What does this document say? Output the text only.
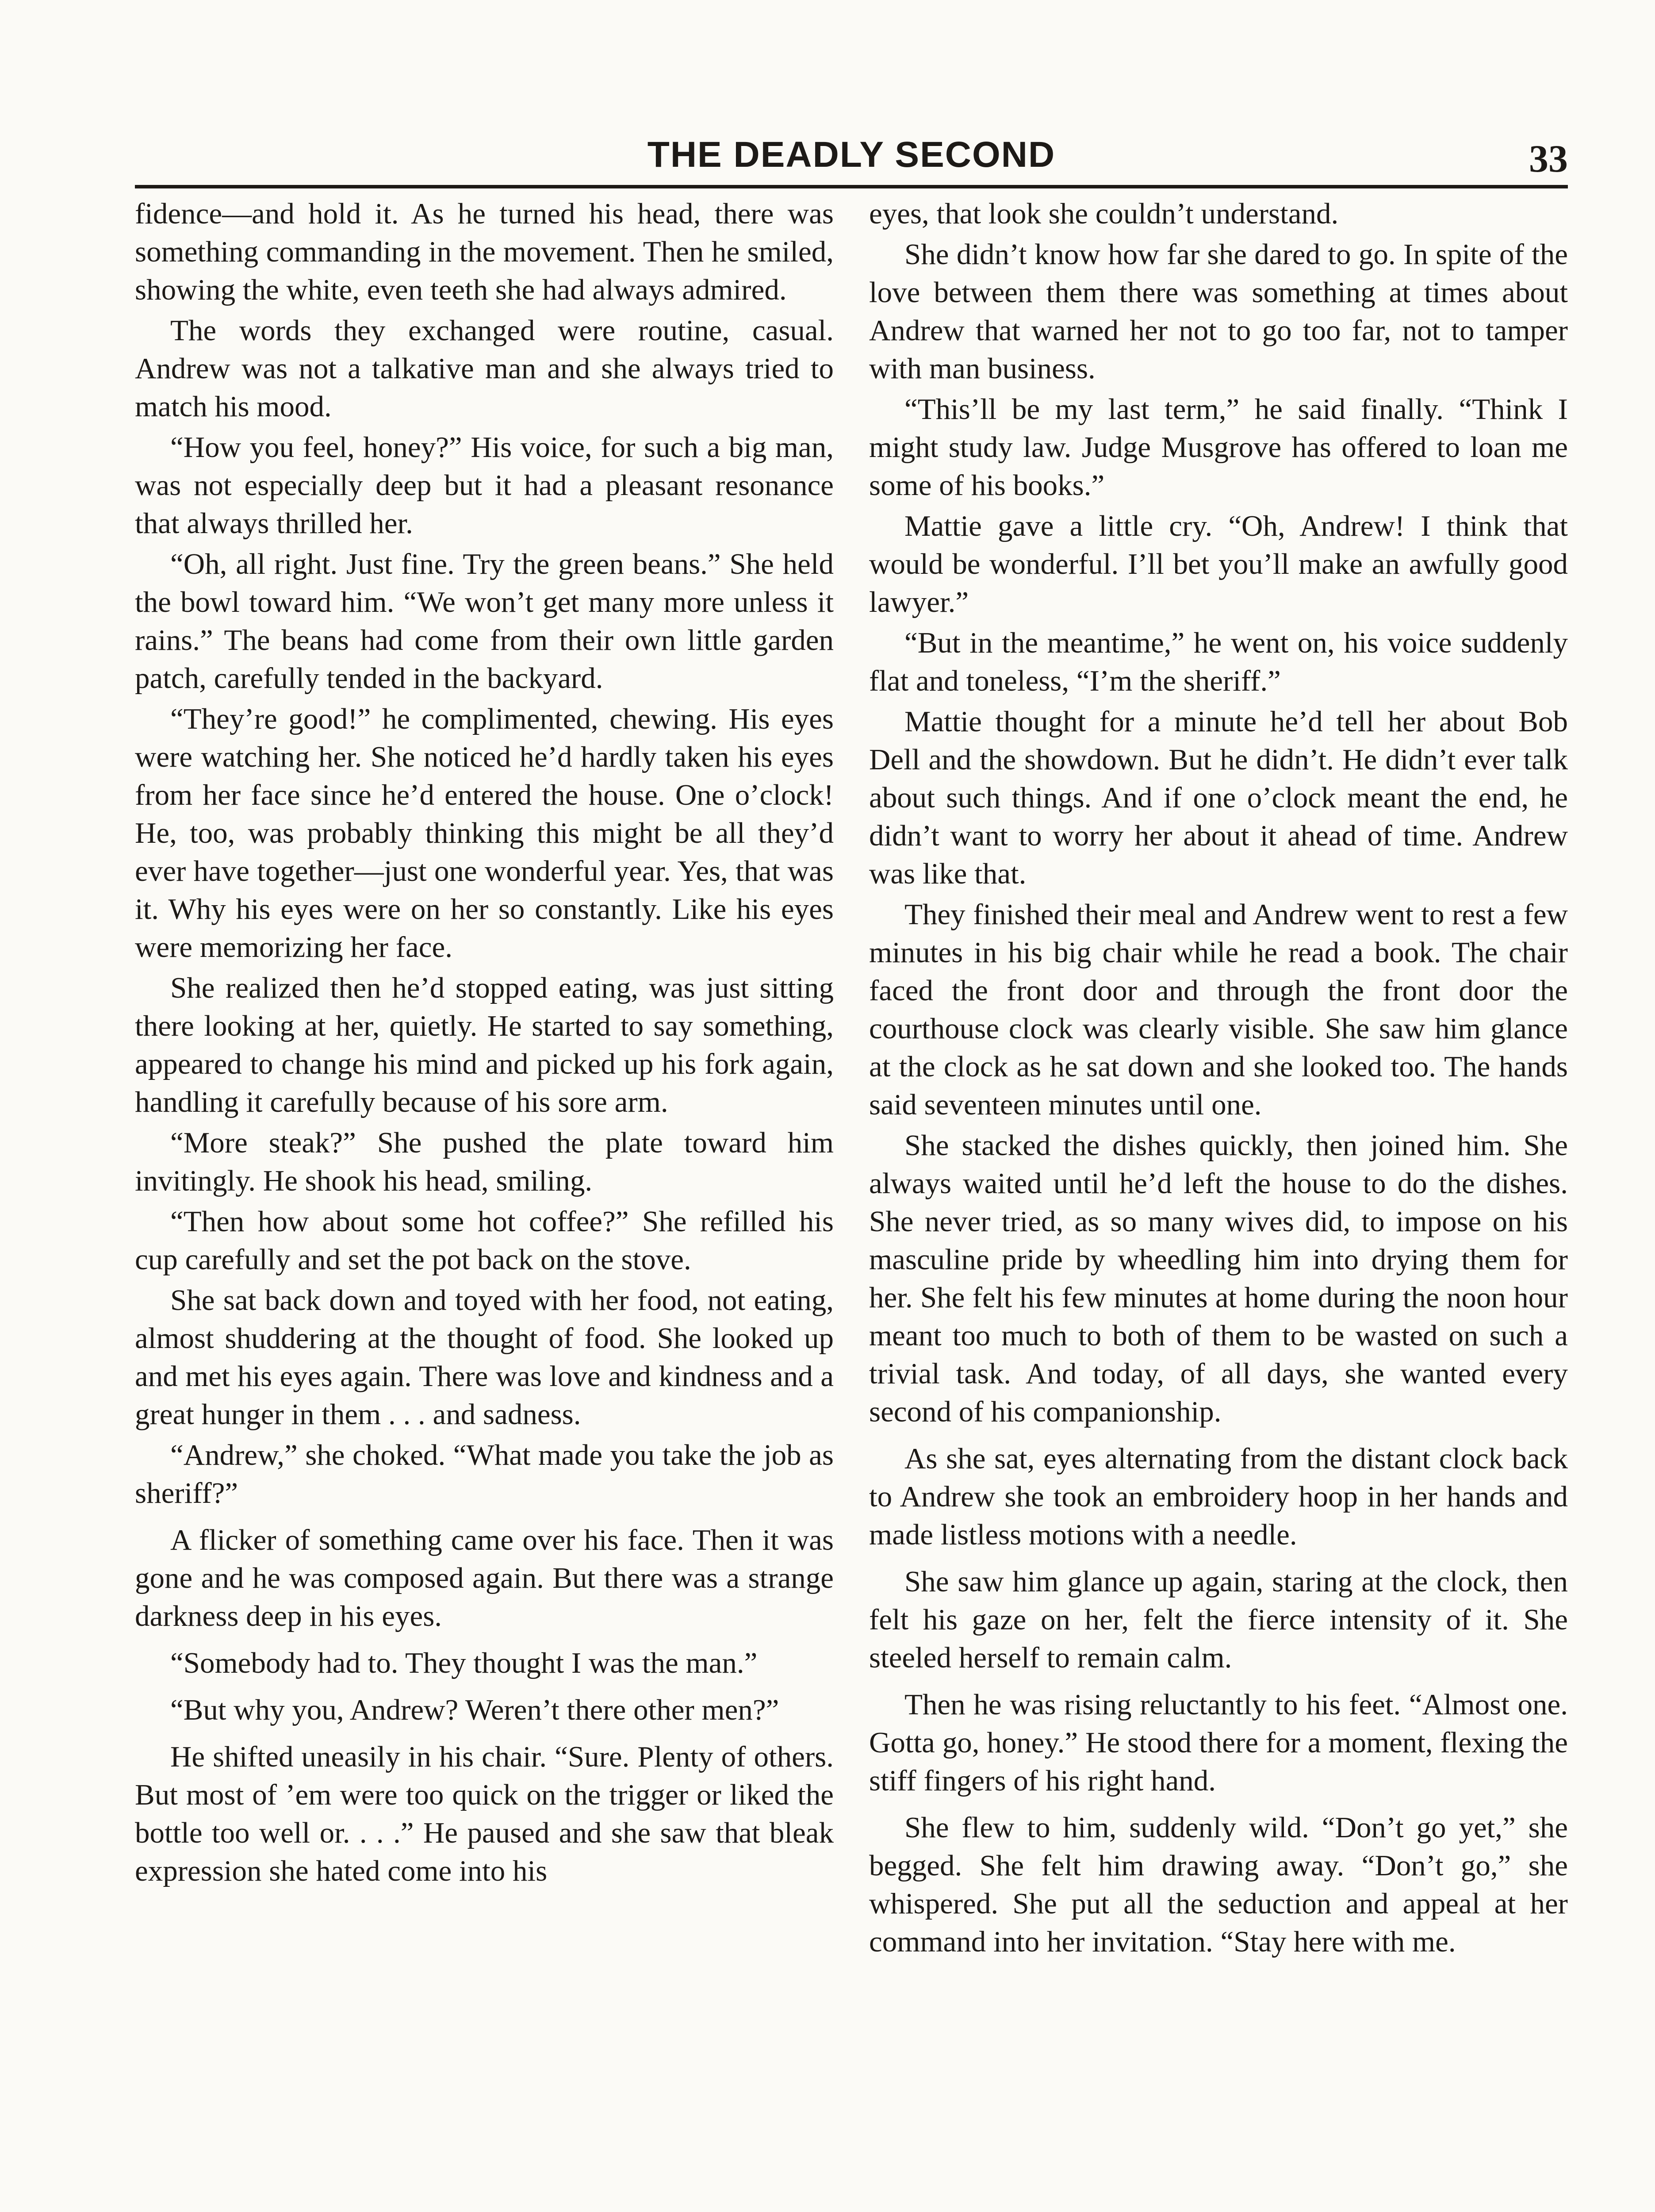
THE DEADLY SECOND	33

fidence—and hold it. As he turned his head, there was something commanding in the movement. Then he smiled, showing the white, even teeth she had always admired.

The words they exchanged were routine, casual. Andrew was not a talkative man and she always tried to match his mood.

“How you feel, honey?” His voice, for such a big man, was not especially deep but it had a pleasant resonance that always thrilled her.

“Oh, all right. Just fine. Try the green beans.” She held the bowl toward him. “We won’t get many more unless it rains.” The beans had come from their own little garden patch, carefully tended in the backyard.

“They’re good!” he complimented, chewing. His eyes were watching her. She noticed he’d hardly taken his eyes from her face since he’d entered the house. One o’clock! He, too, was probably thinking this might be all they’d ever have together—just one wonderful year. Yes, that was it. Why his eyes were on her so constantly. Like his eyes were memorizing her face.

She realized then he’d stopped eating, was just sitting there looking at her, quietly. He started to say something, appeared to change his mind and picked up his fork again, handling it carefully because of his sore arm.

“More steak?” She pushed the plate toward him invitingly. He shook his head, smiling.

“Then how about some hot coffee?” She refilled his cup carefully and set the pot back on the stove.

She sat back down and toyed with her food, not eating, almost shuddering at the thought of food. She looked up and met his eyes again. There was love and kindness and a great hunger in them . . . and sadness.

“Andrew,” she choked. “What made you take the job as sheriff?”

A flicker of something came over his face. Then it was gone and he was composed again. But there was a strange darkness deep in his eyes.

“Somebody had to. They thought I was the man.”

“But why you, Andrew? Weren’t there other men?”

He shifted uneasily in his chair. “Sure. Plenty of others. But most of ’em were too quick on the trigger or liked the bottle too well or. . . .” He paused and she saw that bleak expression she hated come into his

eyes, that look she couldn’t understand.

She didn’t know how far she dared to go. In spite of the love between them there was something at times about Andrew that warned her not to go too far, not to tamper with man business.

“This’ll be my last term,” he said finally. “Think I might study law. Judge Musgrove has offered to loan me some of his books.”

Mattie gave a little cry. “Oh, Andrew! I think that would be wonderful. I’ll bet you’ll make an awfully good lawyer.”

“But in the meantime,” he went on, his voice suddenly flat and toneless, “I’m the sheriff.”

Mattie thought for a minute he’d tell her about Bob Dell and the showdown. But he didn’t. He didn’t ever talk about such things. And if one o’clock meant the end, he didn’t want to worry her about it ahead of time. Andrew was like that.

They finished their meal and Andrew went to rest a few minutes in his big chair while he read a book. The chair faced the front door and through the front door the courthouse clock was clearly visible. She saw him glance at the clock as he sat down and she looked too. The hands said seventeen minutes until one.

She stacked the dishes quickly, then joined him. She always waited until he’d left the house to do the dishes. She never tried, as so many wives did, to impose on his masculine pride by wheedling him into drying them for her. She felt his few minutes at home during the noon hour meant too much to both of them to be wasted on such a trivial task. And today, of all days, she wanted every second of his companionship.

As she sat, eyes alternating from the distant clock back to Andrew she took an embroidery hoop in her hands and made listless motions with a needle.

She saw him glance up again, staring at the clock, then felt his gaze on her, felt the fierce intensity of it. She steeled herself to remain calm.

Then he was rising reluctantly to his feet. “Almost one. Gotta go, honey.” He stood there for a moment, flexing the stiff fingers of his right hand.

She flew to him, suddenly wild. “Don’t go yet,” she begged. She felt him drawing away. “Don’t go,” she whispered. She put all the seduction and appeal at her command into her invitation. “Stay here with me.
